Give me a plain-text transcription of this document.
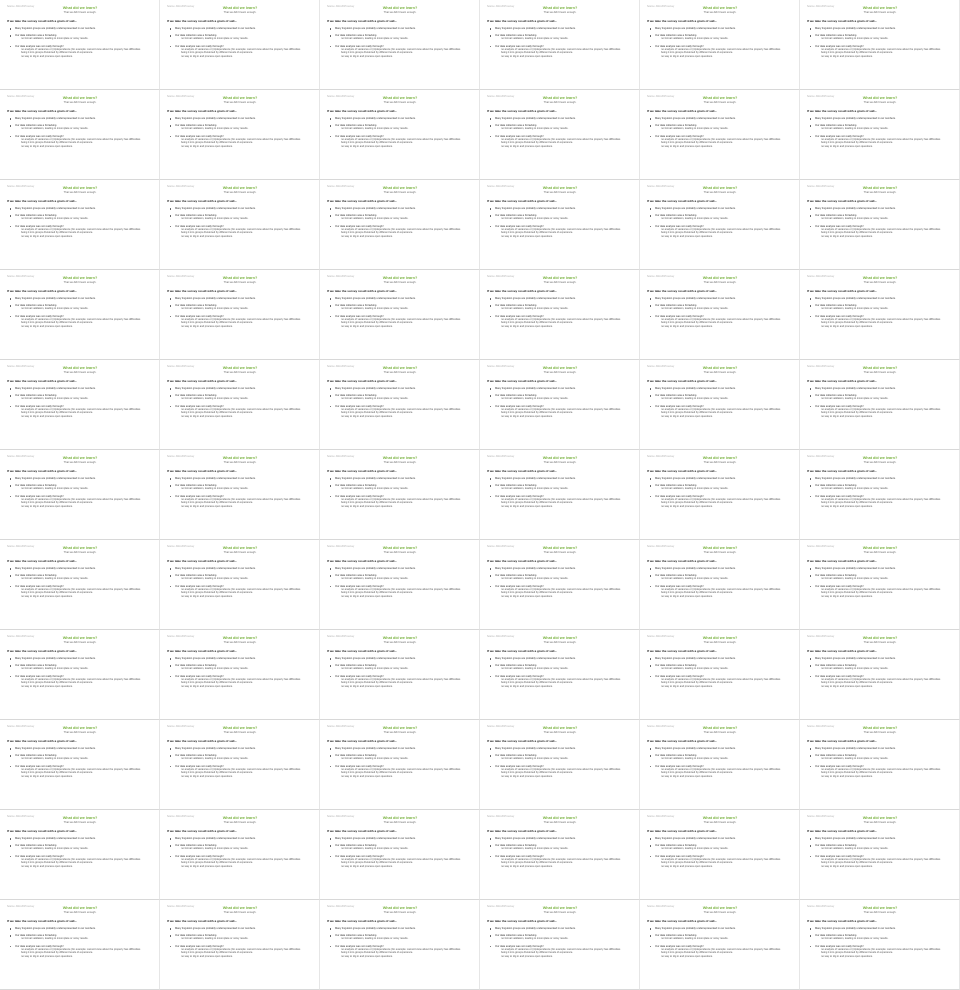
Source: ANA 2015 survey	What did we learn?
That we didn't learn enough.
If we take the survey result with a grain of salt...
Many linguistic groups are probably underrepresented in our numbers.
Our data collection was a bit lacking.
no formal validation, leading to incomplete or noisy results.
Our data analysis was not really thorough!
no analysis of variances or (in)dependence (for example: cannot know about the property has difficulties being it into groups divisioned by different levels of experience.
no way to dig in and process open questions.
Source: ANA 2015 survey	What did we learn?
That we didn't learn enough.
If we take the survey result with a grain of salt...
Many linguistic groups are probably underrepresented in our numbers.
Our data collection was a bit lacking.
no formal validation, leading to incomplete or noisy results.
Our data analysis was not really thorough!
no analysis of variances or (in)dependence (for example: cannot know about the property has difficulties being it into groups divisioned by different levels of experience.
no way to dig in and process open questions.
Source: ANA 2015 survey	What did we learn?
That we didn't learn enough.
If we take the survey result with a grain of salt...
Many linguistic groups are probably underrepresented in our numbers.
Our data collection was a bit lacking.
no formal validation, leading to incomplete or noisy results.
Our data analysis was not really thorough!
no analysis of variances or (in)dependence (for example: cannot know about the property has difficulties being it into groups divisioned by different levels of experience.
no way to dig in and process open questions.
Source: ANA 2015 survey	What did we learn?
That we didn't learn enough.
If we take the survey result with a grain of salt...
Many linguistic groups are probably underrepresented in our numbers.
Our data collection was a bit lacking.
no formal validation, leading to incomplete or noisy results.
Our data analysis was not really thorough!
no analysis of variances or (in)dependence (for example: cannot know about the property has difficulties being it into groups divisioned by different levels of experience.
no way to dig in and process open questions.
Source: ANA 2015 survey	What did we learn?
That we didn't learn enough.
If we take the survey result with a grain of salt...
Many linguistic groups are probably underrepresented in our numbers.
Our data collection was a bit lacking.
no formal validation, leading to incomplete or noisy results.
Our data analysis was not really thorough!
no analysis of variances or (in)dependence (for example: cannot know about the property has difficulties being it into groups divisioned by different levels of experience.
no way to dig in and process open questions.
Source: ANA 2015 survey	What did we learn?
That we didn't learn enough.
If we take the survey result with a grain of salt...
Many linguistic groups are probably underrepresented in our numbers.
Our data collection was a bit lacking.
no formal validation, leading to incomplete or noisy results.
Our data analysis was not really thorough!
no analysis of variances or (in)dependence (for example: cannot know about the property has difficulties being it into groups divisioned by different levels of experience.
no way to dig in and process open questions.
Source: ANA 2015 survey	What did we learn?
That we didn't learn enough.
If we take the survey result with a grain of salt...
Many linguistic groups are probably underrepresented in our numbers.
Our data collection was a bit lacking.
no formal validation, leading to incomplete or noisy results.
Our data analysis was not really thorough!
no analysis of variances or (in)dependence (for example: cannot know about the property has difficulties being it into groups divisioned by different levels of experience.
no way to dig in and process open questions.
Source: ANA 2015 survey	What did we learn?
That we didn't learn enough.
If we take the survey result with a grain of salt...
Many linguistic groups are probably underrepresented in our numbers.
Our data collection was a bit lacking.
no formal validation, leading to incomplete or noisy results.
Our data analysis was not really thorough!
no analysis of variances or (in)dependence (for example: cannot know about the property has difficulties being it into groups divisioned by different levels of experience.
no way to dig in and process open questions.
Source: ANA 2015 survey	What did we learn?
That we didn't learn enough.
If we take the survey result with a grain of salt...
Many linguistic groups are probably underrepresented in our numbers.
Our data collection was a bit lacking.
no formal validation, leading to incomplete or noisy results.
Our data analysis was not really thorough!
no analysis of variances or (in)dependence (for example: cannot know about the property has difficulties being it into groups divisioned by different levels of experience.
no way to dig in and process open questions.
Source: ANA 2015 survey	What did we learn?
That we didn't learn enough.
If we take the survey result with a grain of salt...
Many linguistic groups are probably underrepresented in our numbers.
Our data collection was a bit lacking.
no formal validation, leading to incomplete or noisy results.
Our data analysis was not really thorough!
no analysis of variances or (in)dependence (for example: cannot know about the property has difficulties being it into groups divisioned by different levels of experience.
no way to dig in and process open questions.
Source: ANA 2015 survey	What did we learn?
That we didn't learn enough.
If we take the survey result with a grain of salt...
Many linguistic groups are probably underrepresented in our numbers.
Our data collection was a bit lacking.
no formal validation, leading to incomplete or noisy results.
Our data analysis was not really thorough!
no analysis of variances or (in)dependence (for example: cannot know about the property has difficulties being it into groups divisioned by different levels of experience.
no way to dig in and process open questions.
Source: ANA 2015 survey	What did we learn?
That we didn't learn enough.
If we take the survey result with a grain of salt...
Many linguistic groups are probably underrepresented in our numbers.
Our data collection was a bit lacking.
no formal validation, leading to incomplete or noisy results.
Our data analysis was not really thorough!
no analysis of variances or (in)dependence (for example: cannot know about the property has difficulties being it into groups divisioned by different levels of experience.
no way to dig in and process open questions.
Source: ANA 2015 survey	What did we learn?
That we didn't learn enough.
If we take the survey result with a grain of salt...
Many linguistic groups are probably underrepresented in our numbers.
Our data collection was a bit lacking.
no formal validation, leading to incomplete or noisy results.
Our data analysis was not really thorough!
no analysis of variances or (in)dependence (for example: cannot know about the property has difficulties being it into groups divisioned by different levels of experience.
no way to dig in and process open questions.
Source: ANA 2015 survey	What did we learn?
That we didn't learn enough.
If we take the survey result with a grain of salt...
Many linguistic groups are probably underrepresented in our numbers.
Our data collection was a bit lacking.
no formal validation, leading to incomplete or noisy results.
Our data analysis was not really thorough!
no analysis of variances or (in)dependence (for example: cannot know about the property has difficulties being it into groups divisioned by different levels of experience.
no way to dig in and process open questions.
Source: ANA 2015 survey	What did we learn?
That we didn't learn enough.
If we take the survey result with a grain of salt...
Many linguistic groups are probably underrepresented in our numbers.
Our data collection was a bit lacking.
no formal validation, leading to incomplete or noisy results.
Our data analysis was not really thorough!
no analysis of variances or (in)dependence (for example: cannot know about the property has difficulties being it into groups divisioned by different levels of experience.
no way to dig in and process open questions.
Source: ANA 2015 survey	What did we learn?
That we didn't learn enough.
If we take the survey result with a grain of salt...
Many linguistic groups are probably underrepresented in our numbers.
Our data collection was a bit lacking.
no formal validation, leading to incomplete or noisy results.
Our data analysis was not really thorough!
no analysis of variances or (in)dependence (for example: cannot know about the property has difficulties being it into groups divisioned by different levels of experience.
no way to dig in and process open questions.
Source: ANA 2015 survey	What did we learn?
That we didn't learn enough.
If we take the survey result with a grain of salt...
Many linguistic groups are probably underrepresented in our numbers.
Our data collection was a bit lacking.
no formal validation, leading to incomplete or noisy results.
Our data analysis was not really thorough!
no analysis of variances or (in)dependence (for example: cannot know about the property has difficulties being it into groups divisioned by different levels of experience.
no way to dig in and process open questions.
Source: ANA 2015 survey	What did we learn?
That we didn't learn enough.
If we take the survey result with a grain of salt...
Many linguistic groups are probably underrepresented in our numbers.
Our data collection was a bit lacking.
no formal validation, leading to incomplete or noisy results.
Our data analysis was not really thorough!
no analysis of variances or (in)dependence (for example: cannot know about the property has difficulties being it into groups divisioned by different levels of experience.
no way to dig in and process open questions.
Source: ANA 2015 survey	What did we learn?
That we didn't learn enough.
If we take the survey result with a grain of salt...
Many linguistic groups are probably underrepresented in our numbers.
Our data collection was a bit lacking.
no formal validation, leading to incomplete or noisy results.
Our data analysis was not really thorough!
no analysis of variances or (in)dependence (for example: cannot know about the property has difficulties being it into groups divisioned by different levels of experience.
no way to dig in and process open questions.
Source: ANA 2015 survey	What did we learn?
That we didn't learn enough.
If we take the survey result with a grain of salt...
Many linguistic groups are probably underrepresented in our numbers.
Our data collection was a bit lacking.
no formal validation, leading to incomplete or noisy results.
Our data analysis was not really thorough!
no analysis of variances or (in)dependence (for example: cannot know about the property has difficulties being it into groups divisioned by different levels of experience.
no way to dig in and process open questions.
Source: ANA 2015 survey	What did we learn?
That we didn't learn enough.
If we take the survey result with a grain of salt...
Many linguistic groups are probably underrepresented in our numbers.
Our data collection was a bit lacking.
no formal validation, leading to incomplete or noisy results.
Our data analysis was not really thorough!
no analysis of variances or (in)dependence (for example: cannot know about the property has difficulties being it into groups divisioned by different levels of experience.
no way to dig in and process open questions.
Source: ANA 2015 survey	What did we learn?
That we didn't learn enough.
If we take the survey result with a grain of salt...
Many linguistic groups are probably underrepresented in our numbers.
Our data collection was a bit lacking.
no formal validation, leading to incomplete or noisy results.
Our data analysis was not really thorough!
no analysis of variances or (in)dependence (for example: cannot know about the property has difficulties being it into groups divisioned by different levels of experience.
no way to dig in and process open questions.
Source: ANA 2015 survey	What did we learn?
That we didn't learn enough.
If we take the survey result with a grain of salt...
Many linguistic groups are probably underrepresented in our numbers.
Our data collection was a bit lacking.
no formal validation, leading to incomplete or noisy results.
Our data analysis was not really thorough!
no analysis of variances or (in)dependence (for example: cannot know about the property has difficulties being it into groups divisioned by different levels of experience.
no way to dig in and process open questions.
Source: ANA 2015 survey	What did we learn?
That we didn't learn enough.
If we take the survey result with a grain of salt...
Many linguistic groups are probably underrepresented in our numbers.
Our data collection was a bit lacking.
no formal validation, leading to incomplete or noisy results.
Our data analysis was not really thorough!
no analysis of variances or (in)dependence (for example: cannot know about the property has difficulties being it into groups divisioned by different levels of experience.
no way to dig in and process open questions.
Source: ANA 2015 survey	What did we learn?
That we didn't learn enough.
If we take the survey result with a grain of salt...
Many linguistic groups are probably underrepresented in our numbers.
Our data collection was a bit lacking.
no formal validation, leading to incomplete or noisy results.
Our data analysis was not really thorough!
no analysis of variances or (in)dependence (for example: cannot know about the property has difficulties being it into groups divisioned by different levels of experience.
no way to dig in and process open questions.
Source: ANA 2015 survey	What did we learn?
That we didn't learn enough.
If we take the survey result with a grain of salt...
Many linguistic groups are probably underrepresented in our numbers.
Our data collection was a bit lacking.
no formal validation, leading to incomplete or noisy results.
Our data analysis was not really thorough!
no analysis of variances or (in)dependence (for example: cannot know about the property has difficulties being it into groups divisioned by different levels of experience.
no way to dig in and process open questions.
Source: ANA 2015 survey	What did we learn?
That we didn't learn enough.
If we take the survey result with a grain of salt...
Many linguistic groups are probably underrepresented in our numbers.
Our data collection was a bit lacking.
no formal validation, leading to incomplete or noisy results.
Our data analysis was not really thorough!
no analysis of variances or (in)dependence (for example: cannot know about the property has difficulties being it into groups divisioned by different levels of experience.
no way to dig in and process open questions.
Source: ANA 2015 survey	What did we learn?
That we didn't learn enough.
If we take the survey result with a grain of salt...
Many linguistic groups are probably underrepresented in our numbers.
Our data collection was a bit lacking.
no formal validation, leading to incomplete or noisy results.
Our data analysis was not really thorough!
no analysis of variances or (in)dependence (for example: cannot know about the property has difficulties being it into groups divisioned by different levels of experience.
no way to dig in and process open questions.
Source: ANA 2015 survey	What did we learn?
That we didn't learn enough.
If we take the survey result with a grain of salt...
Many linguistic groups are probably underrepresented in our numbers.
Our data collection was a bit lacking.
no formal validation, leading to incomplete or noisy results.
Our data analysis was not really thorough!
no analysis of variances or (in)dependence (for example: cannot know about the property has difficulties being it into groups divisioned by different levels of experience.
no way to dig in and process open questions.
Source: ANA 2015 survey	What did we learn?
That we didn't learn enough.
If we take the survey result with a grain of salt...
Many linguistic groups are probably underrepresented in our numbers.
Our data collection was a bit lacking.
no formal validation, leading to incomplete or noisy results.
Our data analysis was not really thorough!
no analysis of variances or (in)dependence (for example: cannot know about the property has difficulties being it into groups divisioned by different levels of experience.
no way to dig in and process open questions.
Source: ANA 2015 survey	What did we learn?
That we didn't learn enough.
If we take the survey result with a grain of salt...
Many linguistic groups are probably underrepresented in our numbers.
Our data collection was a bit lacking.
no formal validation, leading to incomplete or noisy results.
Our data analysis was not really thorough!
no analysis of variances or (in)dependence (for example: cannot know about the property has difficulties being it into groups divisioned by different levels of experience.
no way to dig in and process open questions.
Source: ANA 2015 survey	What did we learn?
That we didn't learn enough.
If we take the survey result with a grain of salt...
Many linguistic groups are probably underrepresented in our numbers.
Our data collection was a bit lacking.
no formal validation, leading to incomplete or noisy results.
Our data analysis was not really thorough!
no analysis of variances or (in)dependence (for example: cannot know about the property has difficulties being it into groups divisioned by different levels of experience.
no way to dig in and process open questions.
Source: ANA 2015 survey	What did we learn?
That we didn't learn enough.
If we take the survey result with a grain of salt...
Many linguistic groups are probably underrepresented in our numbers.
Our data collection was a bit lacking.
no formal validation, leading to incomplete or noisy results.
Our data analysis was not really thorough!
no analysis of variances or (in)dependence (for example: cannot know about the property has difficulties being it into groups divisioned by different levels of experience.
no way to dig in and process open questions.
Source: ANA 2015 survey	What did we learn?
That we didn't learn enough.
If we take the survey result with a grain of salt...
Many linguistic groups are probably underrepresented in our numbers.
Our data collection was a bit lacking.
no formal validation, leading to incomplete or noisy results.
Our data analysis was not really thorough!
no analysis of variances or (in)dependence (for example: cannot know about the property has difficulties being it into groups divisioned by different levels of experience.
no way to dig in and process open questions.
Source: ANA 2015 survey	What did we learn?
That we didn't learn enough.
If we take the survey result with a grain of salt...
Many linguistic groups are probably underrepresented in our numbers.
Our data collection was a bit lacking.
no formal validation, leading to incomplete or noisy results.
Our data analysis was not really thorough!
no analysis of variances or (in)dependence (for example: cannot know about the property has difficulties being it into groups divisioned by different levels of experience.
no way to dig in and process open questions.
Source: ANA 2015 survey	What did we learn?
That we didn't learn enough.
If we take the survey result with a grain of salt...
Many linguistic groups are probably underrepresented in our numbers.
Our data collection was a bit lacking.
no formal validation, leading to incomplete or noisy results.
Our data analysis was not really thorough!
no analysis of variances or (in)dependence (for example: cannot know about the property has difficulties being it into groups divisioned by different levels of experience.
no way to dig in and process open questions.
Source: ANA 2015 survey	What did we learn?
That we didn't learn enough.
If we take the survey result with a grain of salt...
Many linguistic groups are probably underrepresented in our numbers.
Our data collection was a bit lacking.
no formal validation, leading to incomplete or noisy results.
Our data analysis was not really thorough!
no analysis of variances or (in)dependence (for example: cannot know about the property has difficulties being it into groups divisioned by different levels of experience.
no way to dig in and process open questions.
Source: ANA 2015 survey	What did we learn?
That we didn't learn enough.
If we take the survey result with a grain of salt...
Many linguistic groups are probably underrepresented in our numbers.
Our data collection was a bit lacking.
no formal validation, leading to incomplete or noisy results.
Our data analysis was not really thorough!
no analysis of variances or (in)dependence (for example: cannot know about the property has difficulties being it into groups divisioned by different levels of experience.
no way to dig in and process open questions.
Source: ANA 2015 survey	What did we learn?
That we didn't learn enough.
If we take the survey result with a grain of salt...
Many linguistic groups are probably underrepresented in our numbers.
Our data collection was a bit lacking.
no formal validation, leading to incomplete or noisy results.
Our data analysis was not really thorough!
no analysis of variances or (in)dependence (for example: cannot know about the property has difficulties being it into groups divisioned by different levels of experience.
no way to dig in and process open questions.
Source: ANA 2015 survey	What did we learn?
That we didn't learn enough.
If we take the survey result with a grain of salt...
Many linguistic groups are probably underrepresented in our numbers.
Our data collection was a bit lacking.
no formal validation, leading to incomplete or noisy results.
Our data analysis was not really thorough!
no analysis of variances or (in)dependence (for example: cannot know about the property has difficulties being it into groups divisioned by different levels of experience.
no way to dig in and process open questions.
Source: ANA 2015 survey	What did we learn?
That we didn't learn enough.
If we take the survey result with a grain of salt...
Many linguistic groups are probably underrepresented in our numbers.
Our data collection was a bit lacking.
no formal validation, leading to incomplete or noisy results.
Our data analysis was not really thorough!
no analysis of variances or (in)dependence (for example: cannot know about the property has difficulties being it into groups divisioned by different levels of experience.
no way to dig in and process open questions.
Source: ANA 2015 survey	What did we learn?
That we didn't learn enough.
If we take the survey result with a grain of salt...
Many linguistic groups are probably underrepresented in our numbers.
Our data collection was a bit lacking.
no formal validation, leading to incomplete or noisy results.
Our data analysis was not really thorough!
no analysis of variances or (in)dependence (for example: cannot know about the property has difficulties being it into groups divisioned by different levels of experience.
no way to dig in and process open questions.
Source: ANA 2015 survey	What did we learn?
That we didn't learn enough.
If we take the survey result with a grain of salt...
Many linguistic groups are probably underrepresented in our numbers.
Our data collection was a bit lacking.
no formal validation, leading to incomplete or noisy results.
Our data analysis was not really thorough!
no analysis of variances or (in)dependence (for example: cannot know about the property has difficulties being it into groups divisioned by different levels of experience.
no way to dig in and process open questions.
Source: ANA 2015 survey	What did we learn?
That we didn't learn enough.
If we take the survey result with a grain of salt...
Many linguistic groups are probably underrepresented in our numbers.
Our data collection was a bit lacking.
no formal validation, leading to incomplete or noisy results.
Our data analysis was not really thorough!
no analysis of variances or (in)dependence (for example: cannot know about the property has difficulties being it into groups divisioned by different levels of experience.
no way to dig in and process open questions.
Source: ANA 2015 survey	What did we learn?
That we didn't learn enough.
If we take the survey result with a grain of salt...
Many linguistic groups are probably underrepresented in our numbers.
Our data collection was a bit lacking.
no formal validation, leading to incomplete or noisy results.
Our data analysis was not really thorough!
no analysis of variances or (in)dependence (for example: cannot know about the property has difficulties being it into groups divisioned by different levels of experience.
no way to dig in and process open questions.
Source: ANA 2015 survey	What did we learn?
That we didn't learn enough.
If we take the survey result with a grain of salt...
Many linguistic groups are probably underrepresented in our numbers.
Our data collection was a bit lacking.
no formal validation, leading to incomplete or noisy results.
Our data analysis was not really thorough!
no analysis of variances or (in)dependence (for example: cannot know about the property has difficulties being it into groups divisioned by different levels of experience.
no way to dig in and process open questions.
Source: ANA 2015 survey	What did we learn?
That we didn't learn enough.
If we take the survey result with a grain of salt...
Many linguistic groups are probably underrepresented in our numbers.
Our data collection was a bit lacking.
no formal validation, leading to incomplete or noisy results.
Our data analysis was not really thorough!
no analysis of variances or (in)dependence (for example: cannot know about the property has difficulties being it into groups divisioned by different levels of experience.
no way to dig in and process open questions.
Source: ANA 2015 survey	What did we learn?
That we didn't learn enough.
If we take the survey result with a grain of salt...
Many linguistic groups are probably underrepresented in our numbers.
Our data collection was a bit lacking.
no formal validation, leading to incomplete or noisy results.
Our data analysis was not really thorough!
no analysis of variances or (in)dependence (for example: cannot know about the property has difficulties being it into groups divisioned by different levels of experience.
no way to dig in and process open questions.
Source: ANA 2015 survey	What did we learn?
That we didn't learn enough.
If we take the survey result with a grain of salt...
Many linguistic groups are probably underrepresented in our numbers.
Our data collection was a bit lacking.
no formal validation, leading to incomplete or noisy results.
Our data analysis was not really thorough!
no analysis of variances or (in)dependence (for example: cannot know about the property has difficulties being it into groups divisioned by different levels of experience.
no way to dig in and process open questions.
Source: ANA 2015 survey	What did we learn?
That we didn't learn enough.
If we take the survey result with a grain of salt...
Many linguistic groups are probably underrepresented in our numbers.
Our data collection was a bit lacking.
no formal validation, leading to incomplete or noisy results.
Our data analysis was not really thorough!
no analysis of variances or (in)dependence (for example: cannot know about the property has difficulties being it into groups divisioned by different levels of experience.
no way to dig in and process open questions.
Source: ANA 2015 survey	What did we learn?
That we didn't learn enough.
If we take the survey result with a grain of salt...
Many linguistic groups are probably underrepresented in our numbers.
Our data collection was a bit lacking.
no formal validation, leading to incomplete or noisy results.
Our data analysis was not really thorough!
no analysis of variances or (in)dependence (for example: cannot know about the property has difficulties being it into groups divisioned by different levels of experience.
no way to dig in and process open questions.
Source: ANA 2015 survey	What did we learn?
That we didn't learn enough.
If we take the survey result with a grain of salt...
Many linguistic groups are probably underrepresented in our numbers.
Our data collection was a bit lacking.
no formal validation, leading to incomplete or noisy results.
Our data analysis was not really thorough!
no analysis of variances or (in)dependence (for example: cannot know about the property has difficulties being it into groups divisioned by different levels of experience.
no way to dig in and process open questions.
Source: ANA 2015 survey	What did we learn?
That we didn't learn enough.
If we take the survey result with a grain of salt...
Many linguistic groups are probably underrepresented in our numbers.
Our data collection was a bit lacking.
no formal validation, leading to incomplete or noisy results.
Our data analysis was not really thorough!
no analysis of variances or (in)dependence (for example: cannot know about the property has difficulties being it into groups divisioned by different levels of experience.
no way to dig in and process open questions.
Source: ANA 2015 survey	What did we learn?
That we didn't learn enough.
If we take the survey result with a grain of salt...
Many linguistic groups are probably underrepresented in our numbers.
Our data collection was a bit lacking.
no formal validation, leading to incomplete or noisy results.
Our data analysis was not really thorough!
no analysis of variances or (in)dependence (for example: cannot know about the property has difficulties being it into groups divisioned by different levels of experience.
no way to dig in and process open questions.
Source: ANA 2015 survey	What did we learn?
That we didn't learn enough.
If we take the survey result with a grain of salt...
Many linguistic groups are probably underrepresented in our numbers.
Our data collection was a bit lacking.
no formal validation, leading to incomplete or noisy results.
Our data analysis was not really thorough!
no analysis of variances or (in)dependence (for example: cannot know about the property has difficulties being it into groups divisioned by different levels of experience.
no way to dig in and process open questions.
Source: ANA 2015 survey	What did we learn?
That we didn't learn enough.
If we take the survey result with a grain of salt...
Many linguistic groups are probably underrepresented in our numbers.
Our data collection was a bit lacking.
no formal validation, leading to incomplete or noisy results.
Our data analysis was not really thorough!
no analysis of variances or (in)dependence (for example: cannot know about the property has difficulties being it into groups divisioned by different levels of experience.
no way to dig in and process open questions.
Source: ANA 2015 survey	What did we learn?
That we didn't learn enough.
If we take the survey result with a grain of salt...
Many linguistic groups are probably underrepresented in our numbers.
Our data collection was a bit lacking.
no formal validation, leading to incomplete or noisy results.
Our data analysis was not really thorough!
no analysis of variances or (in)dependence (for example: cannot know about the property has difficulties being it into groups divisioned by different levels of experience.
no way to dig in and process open questions.
Source: ANA 2015 survey	What did we learn?
That we didn't learn enough.
If we take the survey result with a grain of salt...
Many linguistic groups are probably underrepresented in our numbers.
Our data collection was a bit lacking.
no formal validation, leading to incomplete or noisy results.
Our data analysis was not really thorough!
no analysis of variances or (in)dependence (for example: cannot know about the property has difficulties being it into groups divisioned by different levels of experience.
no way to dig in and process open questions.
Source: ANA 2015 survey	What did we learn?
That we didn't learn enough.
If we take the survey result with a grain of salt...
Many linguistic groups are probably underrepresented in our numbers.
Our data collection was a bit lacking.
no formal validation, leading to incomplete or noisy results.
Our data analysis was not really thorough!
no analysis of variances or (in)dependence (for example: cannot know about the property has difficulties being it into groups divisioned by different levels of experience.
no way to dig in and process open questions.
Source: ANA 2015 survey	What did we learn?
That we didn't learn enough.
If we take the survey result with a grain of salt...
Many linguistic groups are probably underrepresented in our numbers.
Our data collection was a bit lacking.
no formal validation, leading to incomplete or noisy results.
Our data analysis was not really thorough!
no analysis of variances or (in)dependence (for example: cannot know about the property has difficulties being it into groups divisioned by different levels of experience.
no way to dig in and process open questions.
Source: ANA 2015 survey	What did we learn?
That we didn't learn enough.
If we take the survey result with a grain of salt...
Many linguistic groups are probably underrepresented in our numbers.
Our data collection was a bit lacking.
no formal validation, leading to incomplete or noisy results.
Our data analysis was not really thorough!
no analysis of variances or (in)dependence (for example: cannot know about the property has difficulties being it into groups divisioned by different levels of experience.
no way to dig in and process open questions.
Source: ANA 2015 survey	What did we learn?
That we didn't learn enough.
If we take the survey result with a grain of salt...
Many linguistic groups are probably underrepresented in our numbers.
Our data collection was a bit lacking.
no formal validation, leading to incomplete or noisy results.
Our data analysis was not really thorough!
no analysis of variances or (in)dependence (for example: cannot know about the property has difficulties being it into groups divisioned by different levels of experience.
no way to dig in and process open questions.
Source: ANA 2015 survey	What did we learn?
That we didn't learn enough.
If we take the survey result with a grain of salt...
Many linguistic groups are probably underrepresented in our numbers.
Our data collection was a bit lacking.
no formal validation, leading to incomplete or noisy results.
Our data analysis was not really thorough!
no analysis of variances or (in)dependence (for example: cannot know about the property has difficulties being it into groups divisioned by different levels of experience.
no way to dig in and process open questions.
Source: ANA 2015 survey	What did we learn?
That we didn't learn enough.
If we take the survey result with a grain of salt...
Many linguistic groups are probably underrepresented in our numbers.
Our data collection was a bit lacking.
no formal validation, leading to incomplete or noisy results.
Our data analysis was not really thorough!
no analysis of variances or (in)dependence (for example: cannot know about the property has difficulties being it into groups divisioned by different levels of experience.
no way to dig in and process open questions.
Source: ANA 2015 survey	What did we learn?
That we didn't learn enough.
If we take the survey result with a grain of salt...
Many linguistic groups are probably underrepresented in our numbers.
Our data collection was a bit lacking.
no formal validation, leading to incomplete or noisy results.
Our data analysis was not really thorough!
no analysis of variances or (in)dependence (for example: cannot know about the property has difficulties being it into groups divisioned by different levels of experience.
no way to dig in and process open questions.
Source: ANA 2015 survey	What did we learn?
That we didn't learn enough.
If we take the survey result with a grain of salt...
Many linguistic groups are probably underrepresented in our numbers.
Our data collection was a bit lacking.
no formal validation, leading to incomplete or noisy results.
Our data analysis was not really thorough!
no analysis of variances or (in)dependence (for example: cannot know about the property has difficulties being it into groups divisioned by different levels of experience.
no way to dig in and process open questions.
